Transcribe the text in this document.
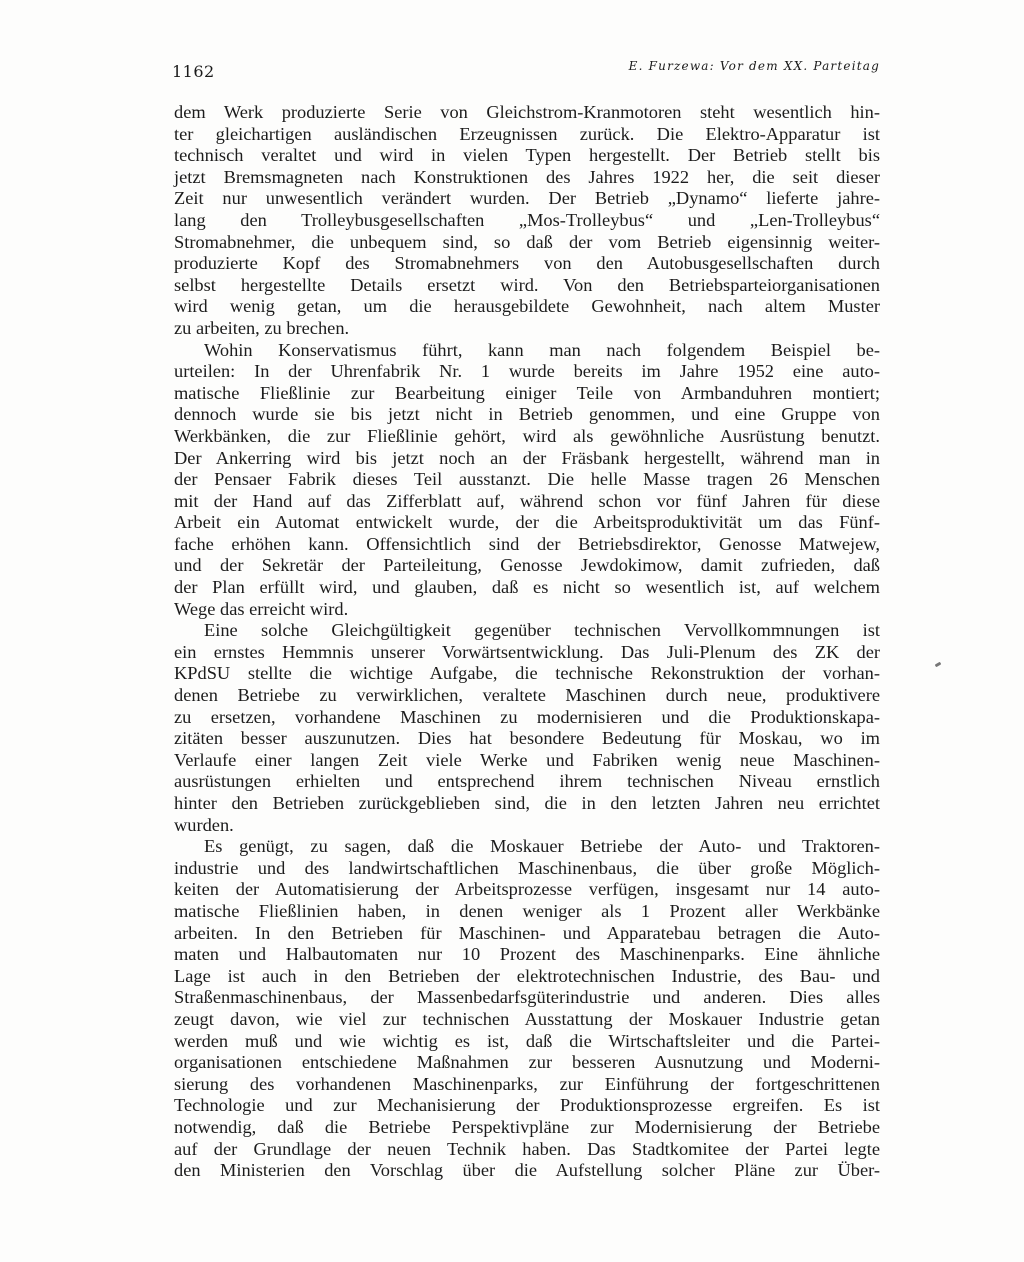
1162	E. Furzewa: Vor dem XX. Parteitag
dem Werk produzierte Serie von Gleichstrom-Kranmotoren steht wesentlich hin-
ter gleichartigen ausländischen Erzeugnissen zurück. Die Elektro-Apparatur ist
technisch veraltet und wird in vielen Typen hergestellt. Der Betrieb stellt bis
jetzt Bremsmagneten nach Konstruktionen des Jahres 1922 her, die seit dieser
Zeit nur unwesentlich verändert wurden. Der Betrieb „Dynamo“ lieferte jahre-
lang den Trolleybusgesellschaften „Mos-Trolleybus“ und „Len-Trolleybus“
Stromabnehmer, die unbequem sind, so daß der vom Betrieb eigensinnig weiter-
produzierte Kopf des Stromabnehmers von den Autobusgesellschaften durch
selbst hergestellte Details ersetzt wird. Von den Betriebsparteiorganisationen
wird wenig getan, um die herausgebildete Gewohnheit, nach altem Muster
zu arbeiten, zu brechen.
Wohin Konservatismus führt, kann man nach folgendem Beispiel be-
urteilen: In der Uhrenfabrik Nr. 1 wurde bereits im Jahre 1952 eine auto-
matische Fließlinie zur Bearbeitung einiger Teile von Armbanduhren montiert;
dennoch wurde sie bis jetzt nicht in Betrieb genommen, und eine Gruppe von
Werkbänken, die zur Fließlinie gehört, wird als gewöhnliche Ausrüstung benutzt.
Der Ankerring wird bis jetzt noch an der Fräsbank hergestellt, während man in
der Pensaer Fabrik dieses Teil ausstanzt. Die helle Masse tragen 26 Menschen
mit der Hand auf das Zifferblatt auf, während schon vor fünf Jahren für diese
Arbeit ein Automat entwickelt wurde, der die Arbeitsproduktivität um das Fünf-
fache erhöhen kann. Offensichtlich sind der Betriebsdirektor, Genosse Matwejew,
und der Sekretär der Parteileitung, Genosse Jewdokimow, damit zufrieden, daß
der Plan erfüllt wird, und glauben, daß es nicht so wesentlich ist, auf welchem
Wege das erreicht wird.
Eine solche Gleichgültigkeit gegenüber technischen Vervollkommnungen ist
ein ernstes Hemmnis unserer Vorwärtsentwicklung. Das Juli-Plenum des ZK der
KPdSU stellte die wichtige Aufgabe, die technische Rekonstruktion der vorhan-
denen Betriebe zu verwirklichen, veraltete Maschinen durch neue, produktivere
zu ersetzen, vorhandene Maschinen zu modernisieren und die Produktionskapa-
zitäten besser auszunutzen. Dies hat besondere Bedeutung für Moskau, wo im
Verlaufe einer langen Zeit viele Werke und Fabriken wenig neue Maschinen-
ausrüstungen erhielten und entsprechend ihrem technischen Niveau ernstlich
hinter den Betrieben zurückgeblieben sind, die in den letzten Jahren neu errichtet
wurden.
Es genügt, zu sagen, daß die Moskauer Betriebe der Auto- und Traktoren-
industrie und des landwirtschaftlichen Maschinenbaus, die über große Möglich-
keiten der Automatisierung der Arbeitsprozesse verfügen, insgesamt nur 14 auto-
matische Fließlinien haben, in denen weniger als 1 Prozent aller Werkbänke
arbeiten. In den Betrieben für Maschinen- und Apparatebau betragen die Auto-
maten und Halbautomaten nur 10 Prozent des Maschinenparks. Eine ähnliche
Lage ist auch in den Betrieben der elektrotechnischen Industrie, des Bau- und
Straßenmaschinenbaus, der Massenbedarfsgüterindustrie und anderen. Dies alles
zeugt davon, wie viel zur technischen Ausstattung der Moskauer Industrie getan
werden muß und wie wichtig es ist, daß die Wirtschaftsleiter und die Partei-
organisationen entschiedene Maßnahmen zur besseren Ausnutzung und Moderni-
sierung des vorhandenen Maschinenparks, zur Einführung der fortgeschrittenen
Technologie und zur Mechanisierung der Produktionsprozesse ergreifen. Es ist
notwendig, daß die Betriebe Perspektivpläne zur Modernisierung der Betriebe
auf der Grundlage der neuen Technik haben. Das Stadtkomitee der Partei legte
den Ministerien den Vorschlag über die Aufstellung solcher Pläne zur Über-
